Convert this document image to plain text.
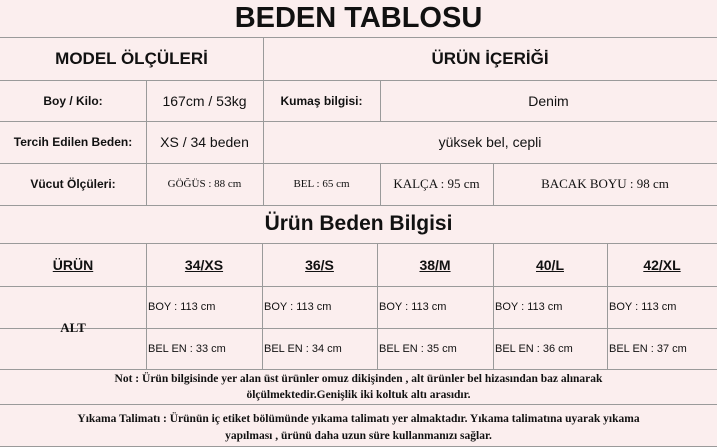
BEDEN TABLOSU
MODEL ÖLÇÜLERİ	ÜRÜN İÇERİĞİ
Boy / Kilo:	167cm / 53kg	Kumaş bilgisi:	Denim
Tercih Edilen Beden:	XS / 34 beden	yüksek bel, cepli
Vücut Ölçüleri:	GÖĞÜS : 88 cm	BEL : 65 cm	KALÇA : 95 cm	BACAK BOYU : 98 cm
Ürün Beden Bilgisi
ÜRÜN	34/XS	36/S	38/M	40/L	42/XL
ALT
BOY : 113 cm	BOY : 113 cm	BOY : 113 cm	BOY : 113 cm	BOY : 113 cm
BEL EN : 33 cm	BEL EN : 34 cm	BEL EN : 35 cm	BEL EN : 36 cm	BEL EN : 37 cm
Not : Ürün bilgisinde yer alan üst ürünler omuz dikişinden , alt ürünler bel hizasından baz alınarak
ölçülmektedir.Genişlik iki koltuk altı arasıdır.
Yıkama Talimatı : Ürünün iç etiket bölümünde yıkama talimatı yer almaktadır. Yıkama talimatına uyarak yıkama
yapılması , ürünü daha uzun süre kullanmanızı sağlar.
